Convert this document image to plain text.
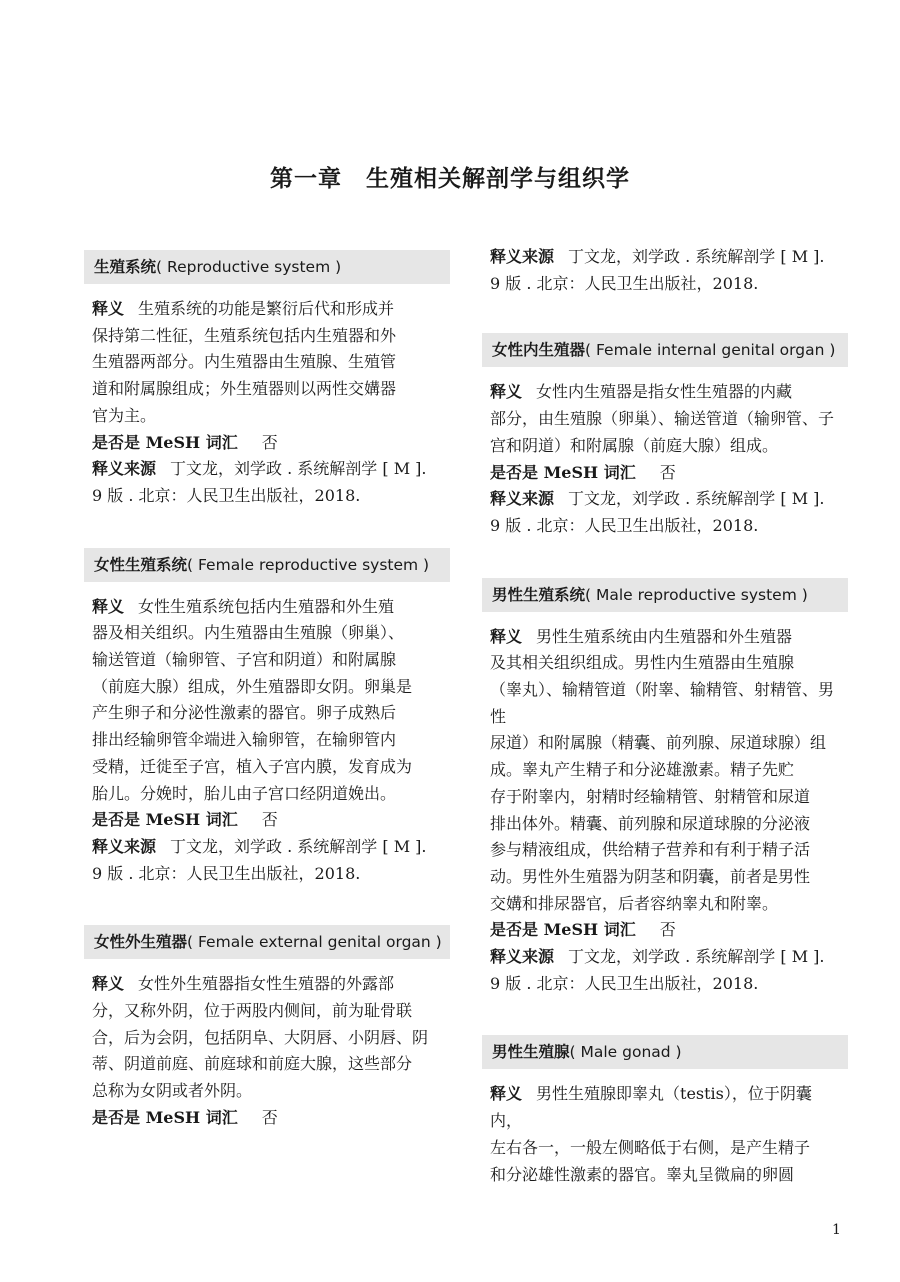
第一章　生殖相关解剖学与组织学
生殖系统( Reproductive system )

释义 生殖系统的功能是繁衍后代和形成并

保持第二性征，生殖系统包括内生殖器和外

生殖器两部分。内生殖器由生殖腺、生殖管

道和附属腺组成；外生殖器则以两性交媾器

官为主。

是否是 MeSH 词汇 否

释义来源 丁文龙，刘学政 . 系统解剖学 [ M ].

9 版 . 北京：人民卫生出版社，2018.

女性生殖系统( Female reproductive system )

释义 女性生殖系统包括内生殖器和外生殖

器及相关组织。内生殖器由生殖腺（卵巢）、

输送管道（输卵管、子宫和阴道）和附属腺

（前庭大腺）组成，外生殖器即女阴。卵巢是

产生卵子和分泌性激素的器官。卵子成熟后

排出经输卵管伞端进入输卵管，在输卵管内

受精，迁徙至子宫，植入子宫内膜，发育成为

胎儿。分娩时，胎儿由子宫口经阴道娩出。

是否是 MeSH 词汇 否

释义来源 丁文龙，刘学政 . 系统解剖学 [ M ].

9 版 . 北京：人民卫生出版社，2018.

女性外生殖器( Female external genital organ )

释义 女性外生殖器指女性生殖器的外露部

分，又称外阴，位于两股内侧间，前为耻骨联

合，后为会阴，包括阴阜、大阴唇、小阴唇、阴

蒂、阴道前庭、前庭球和前庭大腺，这些部分

总称为女阴或者外阴。

是否是 MeSH 词汇 否

释义来源 丁文龙，刘学政 . 系统解剖学 [ M ].

9 版 . 北京：人民卫生出版社，2018.

女性内生殖器( Female internal genital organ )

释义 女性内生殖器是指女性生殖器的内藏

部分，由生殖腺（卵巢）、输送管道（输卵管、子

宫和阴道）和附属腺（前庭大腺）组成。

是否是 MeSH 词汇 否

释义来源 丁文龙，刘学政 . 系统解剖学 [ M ].

9 版 . 北京：人民卫生出版社，2018.

男性生殖系统( Male reproductive system )

释义 男性生殖系统由内生殖器和外生殖器

及其相关组织组成。男性内生殖器由生殖腺

（睾丸）、输精管道（附睾、输精管、射精管、男性

尿道）和附属腺（精囊、前列腺、尿道球腺）组

成。睾丸产生精子和分泌雄激素。精子先贮

存于附睾内，射精时经输精管、射精管和尿道

排出体外。精囊、前列腺和尿道球腺的分泌液

参与精液组成，供给精子营养和有利于精子活

动。男性外生殖器为阴茎和阴囊，前者是男性

交媾和排尿器官，后者容纳睾丸和附睾。

是否是 MeSH 词汇 否

释义来源 丁文龙，刘学政 . 系统解剖学 [ M ].

9 版 . 北京：人民卫生出版社，2018.

男性生殖腺( Male gonad )

释义 男性生殖腺即睾丸（testis），位于阴囊内，

左右各一，一般左侧略低于右侧，是产生精子

和分泌雄性激素的器官。睾丸呈微扁的卵圆

1
